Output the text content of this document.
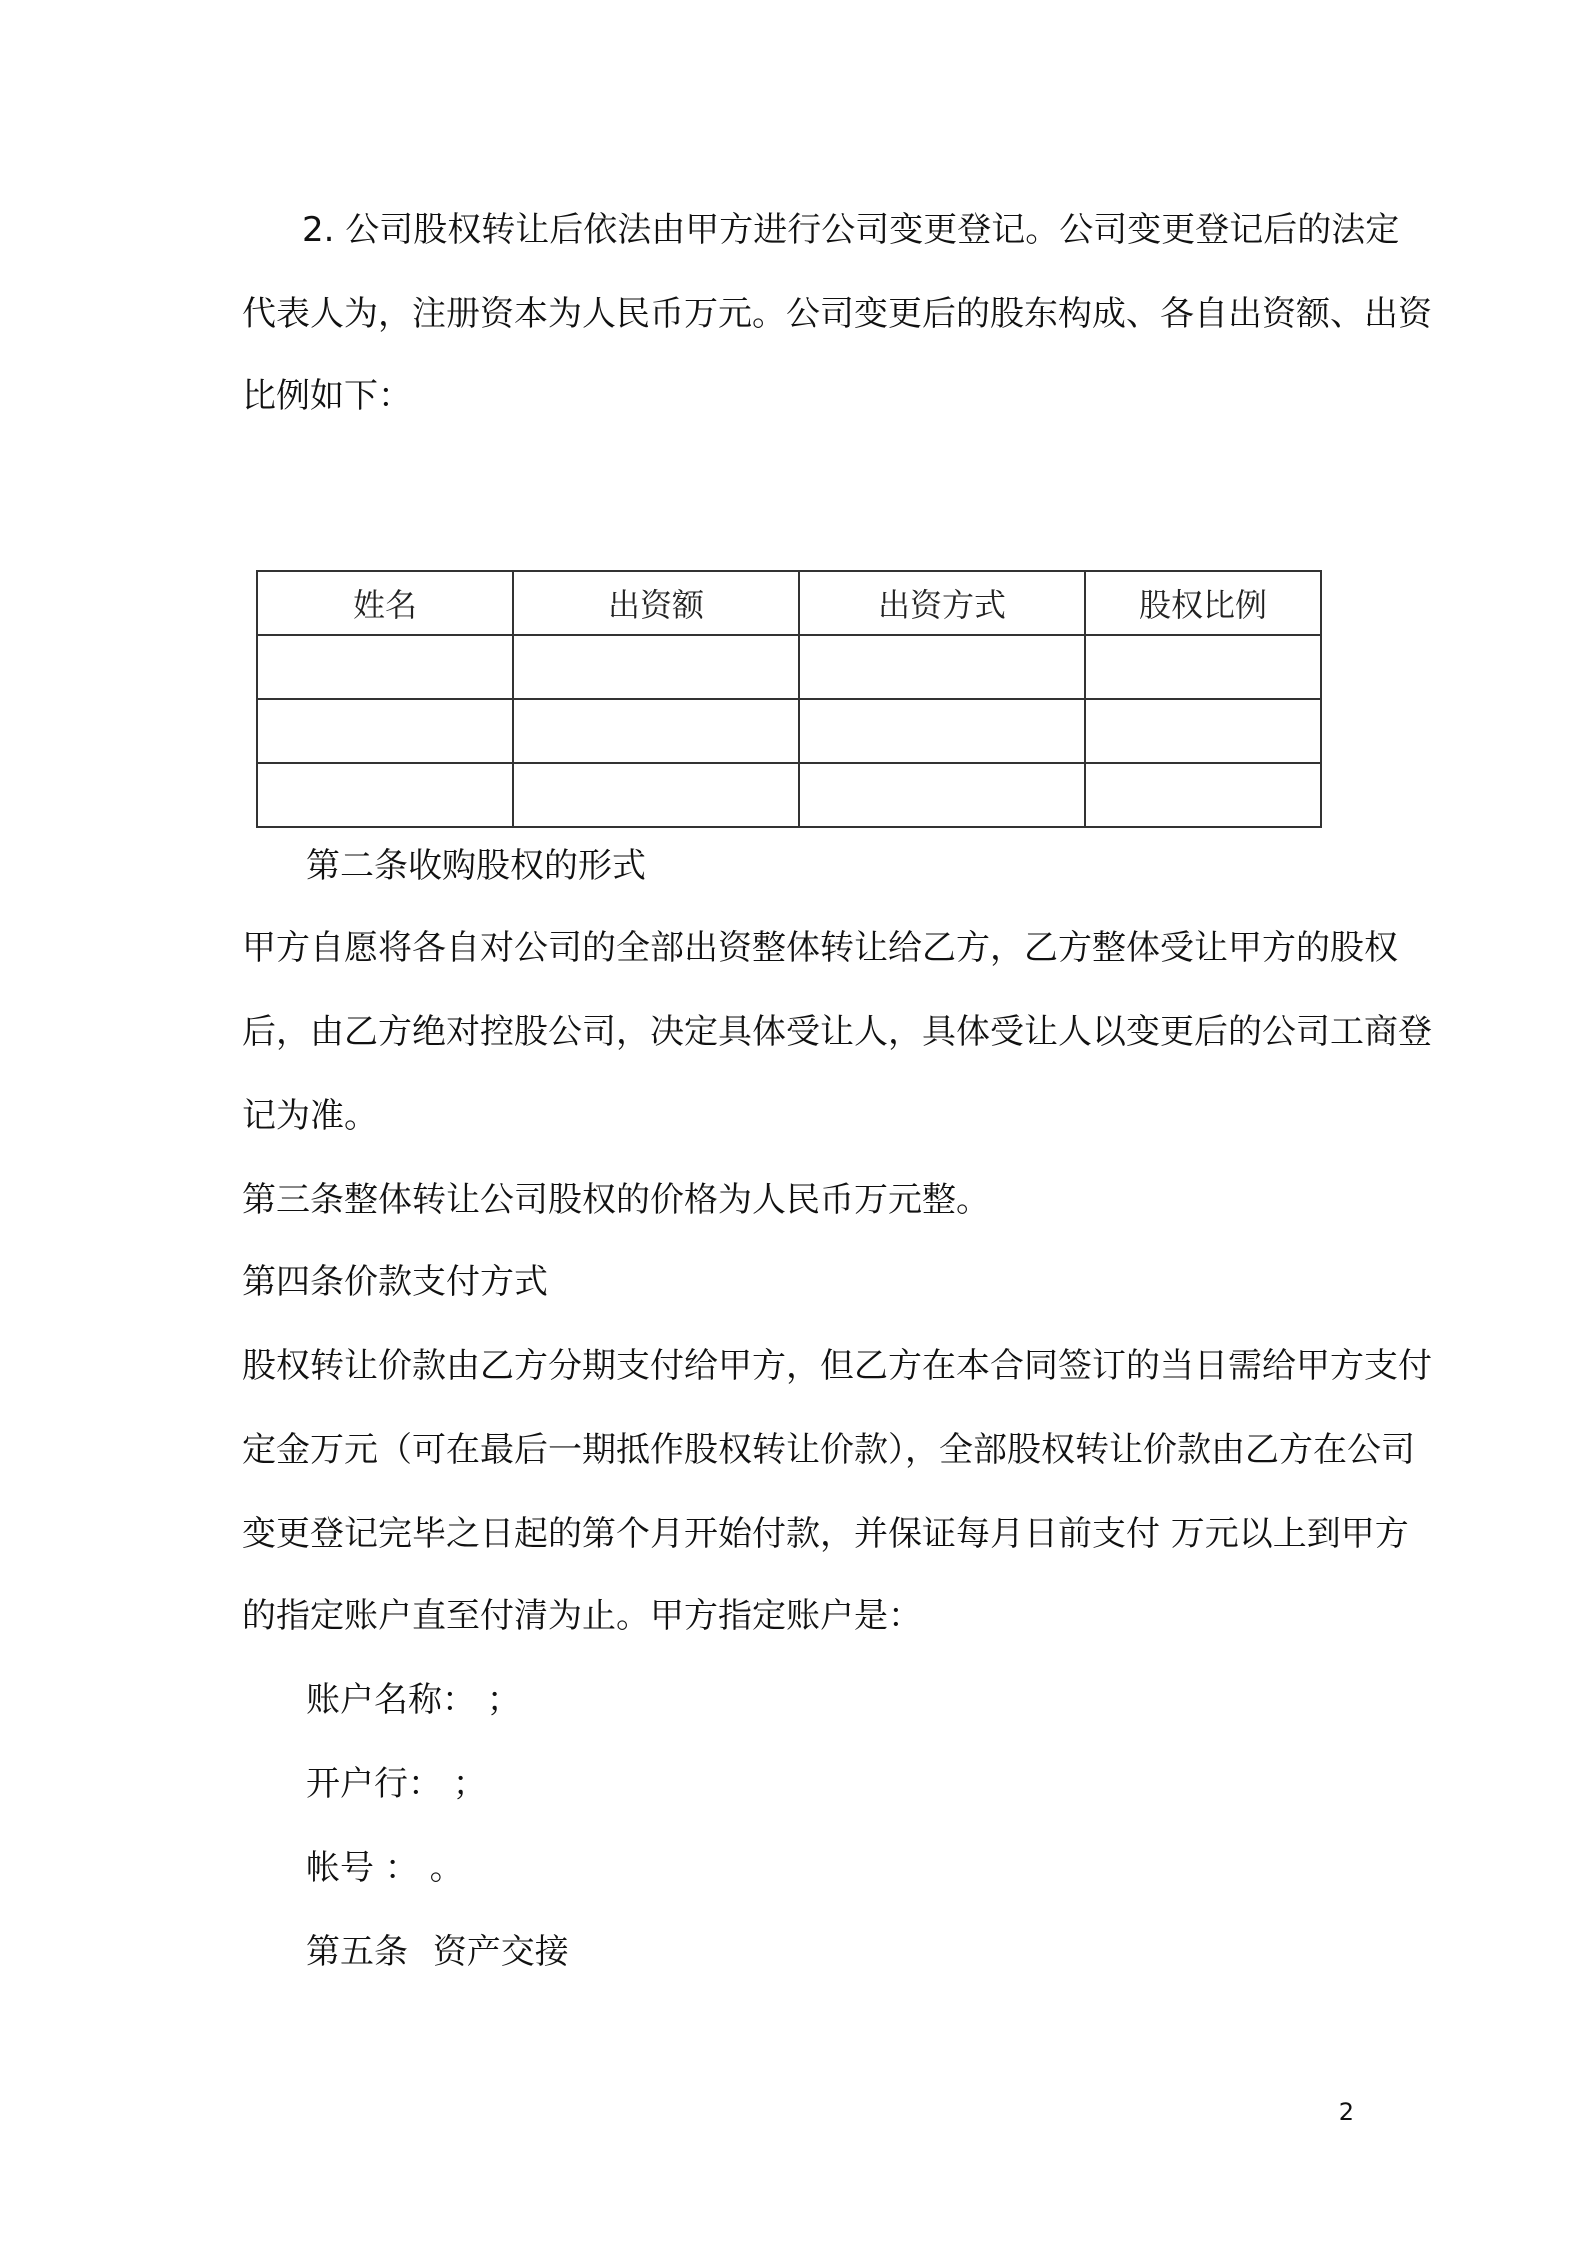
2. 公司股权转让后依法由甲方进行公司变更登记。公司变更登记后的法定
代表人为，注册资本为人民币万元。公司变更后的股东构成、各自出资额、出资
比例如下：
姓名	出资额	出资方式	股权比例

第二条收购股权的形式
甲方自愿将各自对公司的全部出资整体转让给乙方，乙方整体受让甲方的股权
后，由乙方绝对控股公司，决定具体受让人，具体受让人以变更后的公司工商登
记为准。
第三条整体转让公司股权的价格为人民币万元整。
第四条价款支付方式
股权转让价款由乙方分期支付给甲方，但乙方在本合同签订的当日需给甲方支付
定金万元（可在最后一期抵作股权转让价款），全部股权转让价款由乙方在公司
变更登记完毕之日起的第个月开始付款，并保证每月日前支付 万元以上到甲方
的指定账户直至付清为止。甲方指定账户是：
账户名称： ；
开户行： ；
帐号 ： 。
第五条 资产交接
2
